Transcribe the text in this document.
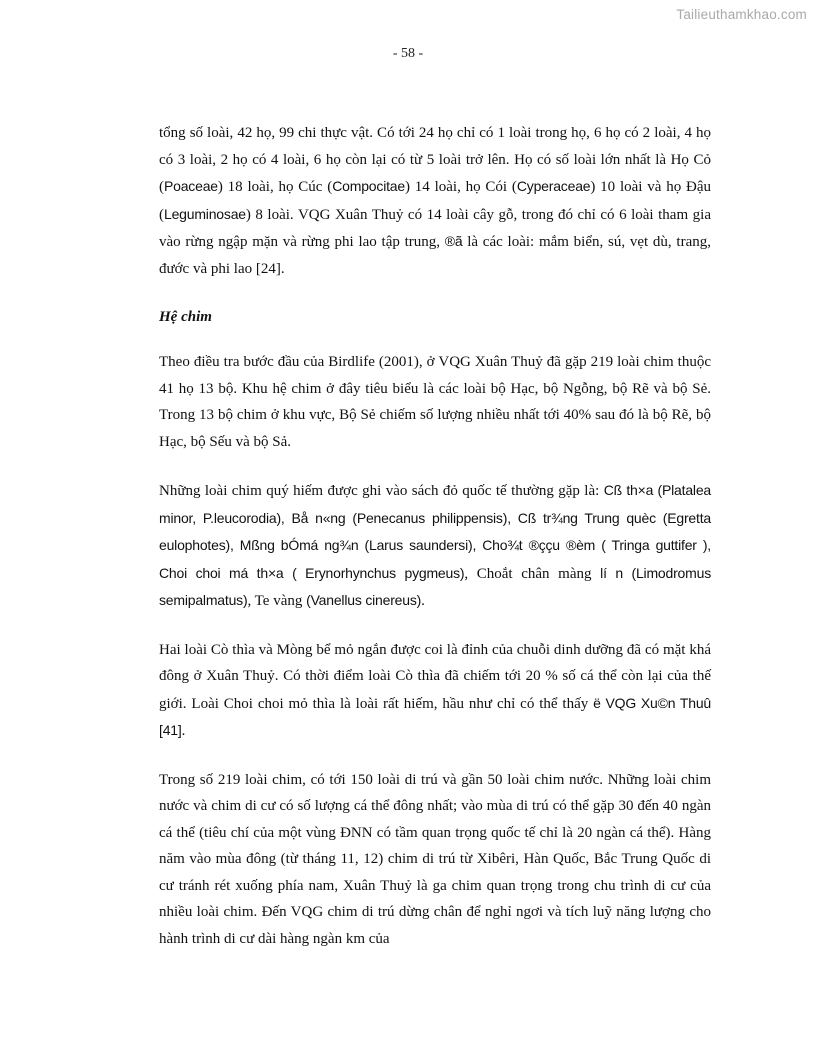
Tailieuthamkhao.com
- 58 -

tổng số loài, 42 họ, 99 chi thực vật. Có tới 24 họ chỉ có 1 loài trong họ, 6 họ có 2 loài, 4 họ có 3 loài, 2 họ có 4 loài, 6 họ còn lại có từ 5 loài trở lên. Họ có số loài lớn nhất là Họ Cỏ (Poaceae) 18 loài, họ Cúc (Compocitae) 14 loài, họ Cói (Cyperaceae) 10 loài và họ Đậu (Leguminosae) 8 loài. VQG Xuân Thuỷ có 14 loài cây gỗ, trong đó chỉ có 6 loài tham gia vào rừng ngập mặn và rừng phi lao tập trung, ®ã là các loài: mắm biển, sú, vẹt dù, trang, đước và phi lao [24].

Hệ chim

Theo điều tra bước đầu của Birdlife (2001), ở VQG Xuân Thuỷ đã gặp 219 loài chim thuộc 41 họ 13 bộ. Khu hệ chim ở đây tiêu biểu là các loài bộ Hạc, bộ Ngỗng, bộ Rẽ và bộ Sẻ. Trong 13 bộ chim ở khu vực, Bộ Sẻ chiếm số lượng nhiều nhất tới 40% sau đó là bộ Rẽ, bộ Hạc, bộ Sếu và bộ Sả.

Những loài chim quý hiếm được ghi vào sách đỏ quốc tế thường gặp là: Cß th×a (Platalea minor, P.leucorodia), Bå n«ng (Penecanus philippensis), Cß tr¾ng Trung quèc (Egretta eulophotes), Mßng bÓmá ng¾n (Larus saundersi), Cho¾t ®ççu ®èm ( Tringa guttifer ), Choi choi má th×a ( Erynorhynchus pygmeus), Choắt chân màng lí n (Limodromus semipalmatus), Te vàng (Vanellus cinereus).

Hai loài Cò thìa và Mòng bể mỏ ngắn được coi là đỉnh của chuỗi dinh dưỡng đã có mặt khá đông ở Xuân Thuỷ. Có thời điểm loài Cò thìa đã chiếm tới 20 % số cá thể còn lại của thế giới. Loài Choi choi mỏ thìa là loài rất hiếm, hầu như chỉ có thể thấy ë VQG Xu©n Thuû [41].

Trong số 219 loài chim, có tới 150 loài di trú và gần 50 loài chim nước. Những loài chim nước và chim di cư có số lượng cá thể đông nhất; vào mùa di trú có thể gặp 30 đến 40 ngàn cá thể (tiêu chí của một vùng ĐNN có tầm quan trọng quốc tế chỉ là 20 ngàn cá thể). Hàng năm vào mùa đông (từ tháng 11, 12) chim di trú từ Xibêri, Hàn Quốc, Bắc Trung Quốc di cư tránh rét xuống phía nam, Xuân Thuỷ là ga chim quan trọng trong chu trình di cư của nhiều loài chim. Đến VQG chim di trú dừng chân để nghỉ ngơi và tích luỹ năng lượng cho hành trình di cư dài hàng ngàn km của
